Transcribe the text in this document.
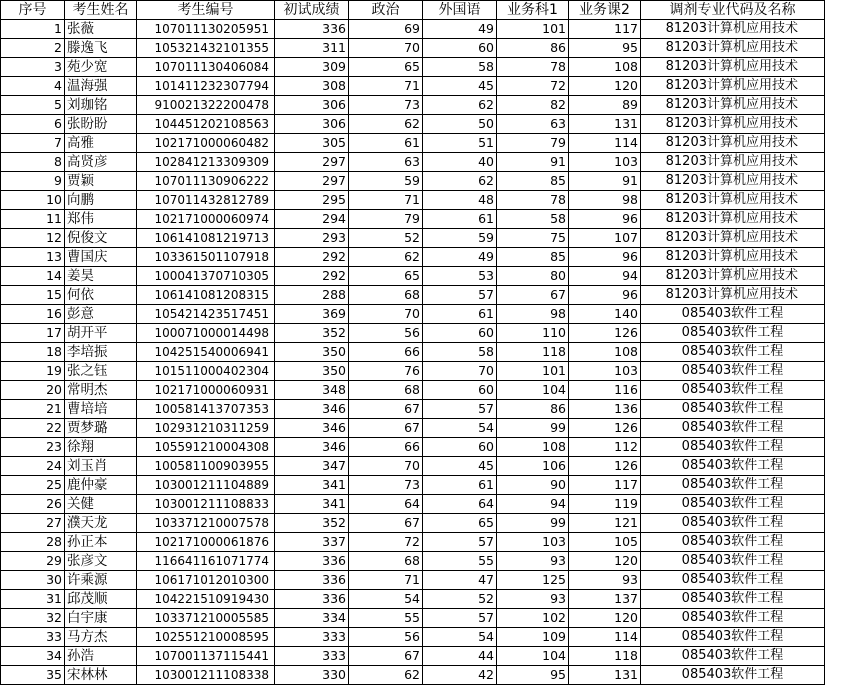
序号	考生姓名	考生编号	初试成绩	政治	外国语	业务科1	业务课2	调剂专业代码及名称
1	张薇	107011130205951	336	69	49	101	117	81203计算机应用技术
2	滕逸飞	105321432101355	311	70	60	86	95	81203计算机应用技术
3	苑少宽	107011130406084	309	65	58	78	108	81203计算机应用技术
4	温海强	101411232307794	308	71	45	72	120	81203计算机应用技术
5	刘珈铭	910021322200478	306	73	62	82	89	81203计算机应用技术
6	张盼盼	104451202108563	306	62	50	63	131	81203计算机应用技术
7	高雅	102171000060482	305	61	51	79	114	81203计算机应用技术
8	高贤彦	102841213309309	297	63	40	91	103	81203计算机应用技术
9	贾颖	107011130906222	297	59	62	85	91	81203计算机应用技术
10	向鹏	107011432812789	295	71	48	78	98	81203计算机应用技术
11	郑伟	102171000060974	294	79	61	58	96	81203计算机应用技术
12	倪俊文	106141081219713	293	52	59	75	107	81203计算机应用技术
13	曹国庆	103361501107918	292	62	49	85	96	81203计算机应用技术
14	姜昊	100041370710305	292	65	53	80	94	81203计算机应用技术
15	何依	106141081208315	288	68	57	67	96	81203计算机应用技术
16	彭意	105421423517451	369	70	61	98	140	085403软件工程
17	胡开平	100071000014498	352	56	60	110	126	085403软件工程
18	李培振	104251540006941	350	66	58	118	108	085403软件工程
19	张之钰	101511000402304	350	76	70	101	103	085403软件工程
20	常明杰	102171000060931	348	68	60	104	116	085403软件工程
21	曹培培	100581413707353	346	67	57	86	136	085403软件工程
22	贾梦璐	102931210311259	346	67	54	99	126	085403软件工程
23	徐翔	105591210004308	346	66	60	108	112	085403软件工程
24	刘玉肖	100581100903955	347	70	45	106	126	085403软件工程
25	鹿仲豪	103001211104889	341	73	61	90	117	085403软件工程
26	关健	103001211108833	341	64	64	94	119	085403软件工程
27	濮天龙	103371210007578	352	67	65	99	121	085403软件工程
28	孙正本	102171000061876	337	72	57	103	105	085403软件工程
29	张彦文	116641161071774	336	68	55	93	120	085403软件工程
30	许乘源	106171012010300	336	71	47	125	93	085403软件工程
31	邱茂顺	104221510919430	336	54	52	93	137	085403软件工程
32	白宇康	103371210005585	334	55	57	102	120	085403软件工程
33	马方杰	102551210008595	333	56	54	109	114	085403软件工程
34	孙浩	107001137115441	333	67	44	104	118	085403软件工程
35	宋林林	103001211108338	330	62	42	95	131	085403软件工程
